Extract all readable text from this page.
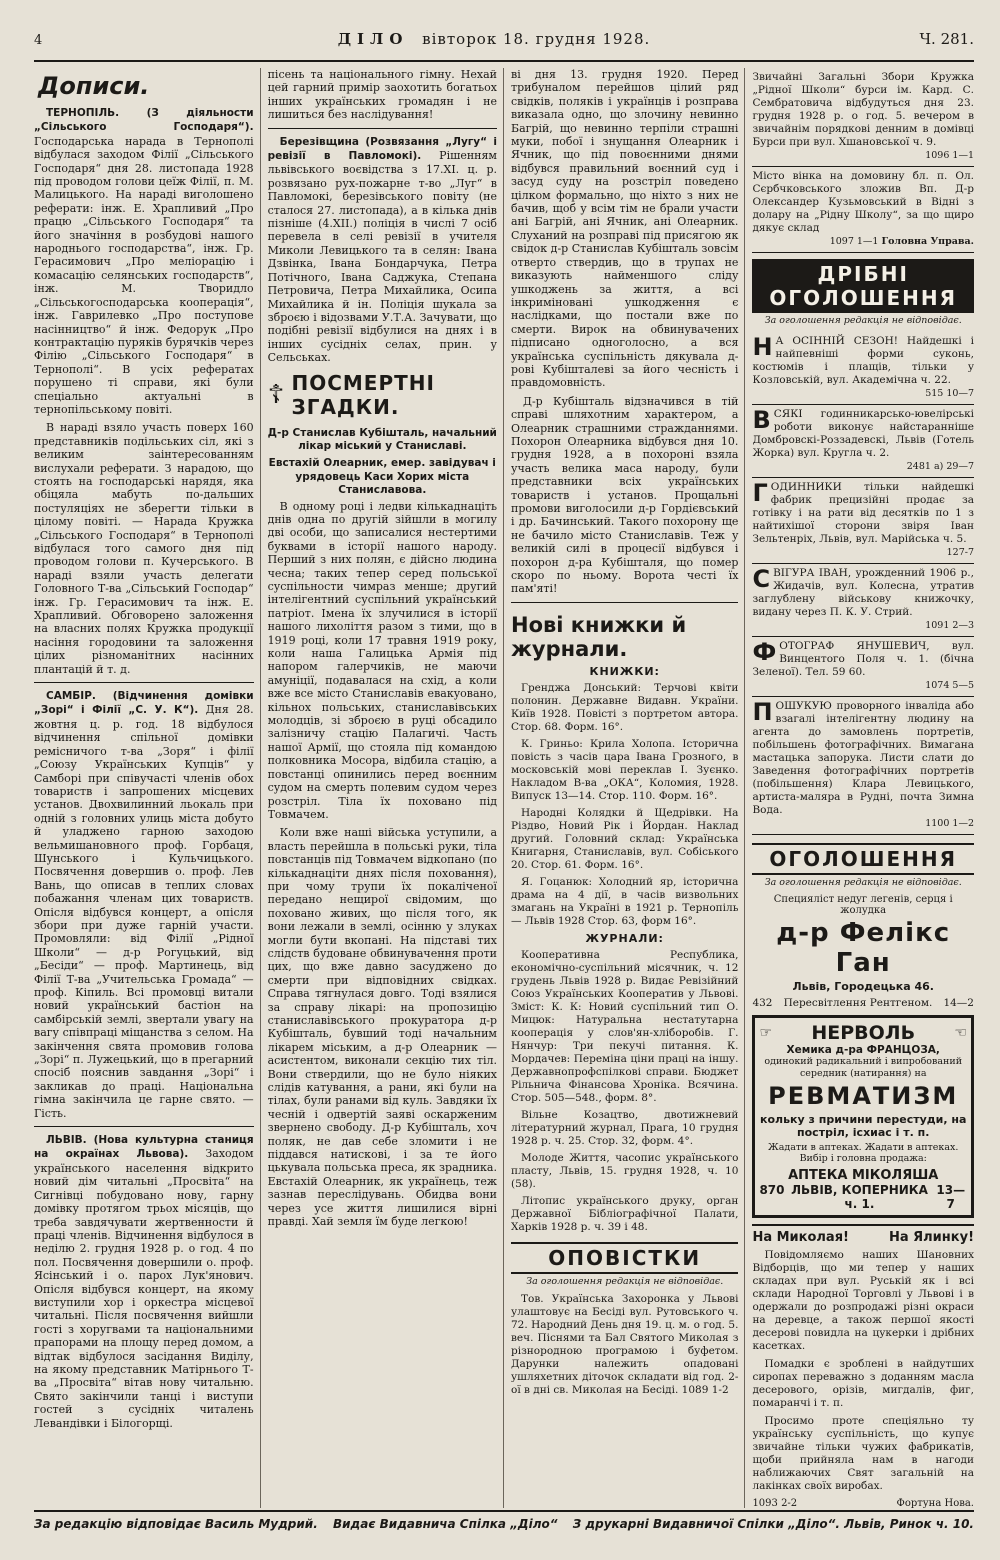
4	ДІЛО вівторок 18. грудня 1928.	Ч. 281.
Дописи.

ТЕРНОПІЛЬ. (З діяльности „Сільського Господаря“). Господарська нарада в Тернополі відбулася заходом Філії „Сільського Господаря“ дня 28. листопада 1928 під проводом голови цеїж Філії, п. М. Малицького. На нараді виголошено реферати: інж. Е. Храпливий „Про працю „Сільського Господаря“ та його значіння в розбудові нашого народнього господарства“, інж. Гр. Герасимович „Про меліорацію і комасацію селянських господарств“, інж. М. Творидло „Сільськогосподарська кооперація“, інж. Гаврилевко „Про поступове насінництво“ й інж. Федорук „Про контрактацію пуряків бурячків через Філію „Сільського Господаря“ в Тернополі“. В усіх рефератах порушено ті справи, які були спеціально актуальні в тернопільському повіті.

В нараді взяло участь поверх 160 представників подільських сіл, які з великим заінтересованням вислухали реферати. З нарадою, що стоять на господарські нарядя, яка обіцяла мабуть по-дальших постуляціях не зберегти тільки в цілому повіті. — Нарада Кружка „Сільського Господаря“ в Тернополі відбулася того самого дня під проводом голови п. Кучерського. В нараді взяли участь делегати Головного Т-ва „Сільський Господар“ інж. Гр. Герасимович та інж. Е. Храпливий. Обговорено заложення на власних полях Кружка продукції насіння городовини та заложення цілих різноманітних насінних плантацій й т. д.

САМБІР. (Відчинення домівки „Зорі“ і Філії „С. У. К“). Дня 28. жовтня ц. р. год. 18 відбулося відчинення спільної домівки ремісничого т-ва „Зоря“ і філії „Союзу Українських Купців“ у Самборі при співучасті членів обох товариств і запрошених місцевих установ. Двохвилинний льокаль при одній з головних улиць міста добуто й уладжено гарною заходою вельмишановного проф. Горбаця, Шунського і Кульчицького. Посвячення довершив о. проф. Лев Вань, що описав в теплих словах побажання членам цих товариств. Опісля відбувся концерт, а опісля збори при дуже гарній участи. Промовляли: від Філії „Рідної Школи“ — д-р Рогуцький, від „Бесіди“ — проф. Мартинець, від Філії Т-ва „Учительська Громада“ — проф. Кіпиль. Всі промовці витали новий український бастіон на самбірській землі, звертали увагу на вагу співпраці міщанства з селом. На закінчення свята промовив голова „Зорі“ п. Лужецький, що в прегарний спосіб пояснив завдання „Зорі“ і закликав до праці. Національна гімна закінчила це гарне свято. — Гість.

ЛЬВІВ. (Нова культурна станиця на окраїнах Львова). Заходом українського населення відкрито новий дім читальні „Просвіта“ на Сигнівці побудовано нову, гарну домівку протягом трьох місяців, що треба завдячувати жертвенности й праці членів. Відчинення відбулося в неділю 2. грудня 1928 р. о год. 4 по пол. Посвячення довершили о. проф. Ясінський і о. парох Лук'янович. Опісля відбувся концерт, на якому виступили хор і оркестра місцевої читальні. Після посвячення вийшли гості з хоругвами та національними прапорами на площу перед домом, а відтак відбулося засідання Виділу, на якому представник Матірнього Т-ва „Просвіта“ вітав нову читальню. Свято закінчили танці і виступи гостей з сусідніх читалень Левандівки і Білогорщі.

пісень та національного гімну. Нехай цей гарний примір заохотить богатьох інших українських громадян і не лишиться без наслідування!

Березівщина (Розвязання „Лугу“ і ревізії в Павломокі). Рішенням львівського воєвідства з 17.XI. ц. р. розвязано рух-пожарне т-во „Луг“ в Павломокі, березівського повіту (не сталося 27. листопада), а в кілька днів пізніше (4.XII.) поліція в числі 7 осіб перевела в селі ревізії в учителя Миколи Левицького та в селян: Івана Дзвінка, Івана Бондарчука, Петра Потічного, Івана Саджука, Степана Петровича, Петра Михайлика, Осипа Михайлика й ін. Поліція шукала за зброєю і відозвами У.Т.А. Зачувати, що подібні ревізії відбулися на днях і в інших сусідніх селах, прин. у Сельськах.

☦ ПОСМЕРТНІ ЗГАДКИ.

Д-р Станислав Кубішталь, начальний лікар міський у Станиславі.

Евстахій Олеарник, емер. завідувач і урядовець Каси Хорих міста Станиславова.

В одному році і ледви кількаднаціть днів одна по другій зійшли в могилу дві особи, що записалися нестертими буквами в історії нашого народу. Перший з них полян, є дійсно людина чесна; таких тепер серед польської суспільности чимраз менше; другий інтелігентний суспільний український патріот. Імена їх злучилися в історії нашого лихоліття разом з тими, що в 1919 році, коли 17 травня 1919 року, коли наша Галицька Армія під напором галерчиків, не маючи амуніції, подавалася на схід, а коли вже все місто Станиславів евакуовано, кільнох польських, станиславівських молодців, зі зброєю в руці обсадило залізничу стацію Палагичі. Часть нашої Армії, що стояла під командою полковника Мосора, відбила стацію, а повстанці опинились перед воєнним судом на смерть полевим судом через розстріл. Тіла їх поховано під Товмачем.

Коли вже наші війська уступили, а власть перейшла в польські руки, тіла повстанців під Товмачем відкопано (по кількаднаціти днях після поховання), при чому трупи їх покаліченої передано нещирої свідомим, що поховано живих, що після того, як вони лежали в землі, осінню у злуках могли бути вкопані. На підставі тих слідств будоване обвинувачення проти цих, що вже давно засуджено до смерти при відповідних свідках. Справа тягнулася довго. Тоді взялися за справу лікарі: на пропозицію станиславівського прокуратора д-р Кубішталь, бувший тоді начальним лікарем міським, а д-р Олеарник — асистентом, виконали секцію тих тіл. Вони ствердили, що не було ніяких слідів катування, а рани, які були на тілах, були ранами від куль. Завдяки їх чесній і одвертій заяві оскарженим звернено свободу. Д-р Кубішталь, хоч поляк, не дав себе зломити і не піддався натискові, і за те його цькувала польська преса, як зрадника. Евстахій Олеарник, як українець, теж зазнав переслідувань. Обидва вони через усе життя лишилися вірні правді. Хай земля їм буде легкою!

ві дня 13. грудня 1920. Перед трибуналом перейшов цілий ряд свідків, поляків і українців і розправа виказала одно, що злочину невинно Багрій, що невинно терпіли страшні муки, побої і знущання Олеарник і Ячник, що під повоєнними днями відбувся правильний воєнний суд і засуд суду на розстріл поведено цілком формально, що ніхто з них не бачив, щоб у всім тім не брали участи ані Багрій, ані Ячник, ані Олеарник. Слуханий на розправі під присягою як свідок д-р Станислав Кубішталь зовсім отверто ствердив, що в трупах не виказують найменшого сліду ушкоджень за життя, а всі інкриміновані ушкодження є наслідками, що постали вже по смерти. Вирок на обвинувачених підписано одноголосно, а вся українська суспільність дякувала д-рові Кубішталеві за його чесність і правдомовність.

Д-р Кубішталь відзначився в тій справі шляхотним характером, а Олеарник страшними стражданнями. Похорон Олеарника відбувся дня 10. грудня 1928, а в похороні взяла участь велика маса народу, були представники всіх українських товариств і установ. Прощальні промови виголосили д-р Гордієвський і др. Бачинський. Такого похорону ще не бачило місто Станиславів. Теж у великій силі в процесії відбувся і похорон д-ра Кубішталя, що помер скоро по ньому. Ворота честі їх пам'яті!

Нові книжки й журнали.
КНИЖКИ:

Гренджа Донський: Терчові квіти полонин. Державне Видавн. України. Київ 1928. Повісті з портретом автора. Стор. 68. Форм. 16°.

К. Гриньо: Крила Холопа. Історична повість з часів цара Івана Грозного, в московській мові переклав І. Зуєнко. Накладом В-ва „ОКА“, Коломия, 1928. Випуск 13—14. Стор. 110. Форм. 16°.

Народні Колядки й Щедрівки. На Різдво, Новий Рік і Йордан. Наклад другий. Головний склад: Українська Книгарня, Станиславів, вул. Собіського 20. Стор. 61. Форм. 16°.

Я. Гоцанюк: Холодний яр, історична драма на 4 дії, в часів визвольних змагань на Україні в 1921 р. Тернопіль — Львів 1928 Стор. 63, форм 16°.

ЖУРНАЛИ:

Кооперативна Республика, економічно-суспільний місячник, ч. 12 грудень Львів 1928 р. Видає Ревізійний Союз Українських Кооператив у Львові. Зміст: К. К: Новий суспільний тип О. Мицюк: Натуральна нестатутарна кооперація у слов'ян-хліборобів. Г. Нянчур: Три пекучі питання. К. Мордачев: Переміна ціни праці на іншу. Державнопрофспілкові справи. Бюджет Рільнича Фінансова Хроніка. Всячина. Стор. 505—548., форм. 8°.

Вільне Козацтво, двотижневий літературний журнал, Прага, 10 грудня 1928 р. ч. 25. Стор. 32, форм. 4°.

Молоде Життя, часопис українського пласту, Львів, 15. грудня 1928, ч. 10 (58).

Літопис українського друку, орган Державної Бібліографічної Палати, Харків 1928 р. ч. 39 і 48.

ОПОВІСТКИ
За оголошення редакція не відповідає.

Тов. Українська Захоронка у Львові улаштовує на Бесіді вул. Рутовського ч. 72. Народний День дня 19. ц. м. о год. 5. веч. Піснями та Бал Святого Миколая з різнородною програмою і буфетом. Дарунки належить опадовані ушляхетних діточок складати від год. 2-ої в дні св. Миколая на Бесіді. 1089 1-2

Звичайні Загальні Збори Кружка „Рідної Школи“ бурси ім. Кард. С. Сембратовича відбудуться дня 23. грудня 1928 р. о год. 5. вечером в звичайнім порядкові денним в домівці Бурси при вул. Хшановської ч. 9.
1096 1—1
Місто вінка на домовину бл. п. Ол. Сєрбчковського зложив Вп. Д-р Олександер Кузьмовський в Відні з долару на „Рідну Школу“, за що щиро дякує склад
1097 1—1 Головна Управа.
ДРІБНІ ОГОЛОШЕННЯ
За оголошення редакція не відповідає.
Н А ОСІННІЙ СЕЗОН! Найдешкі і найпевніші форми суконь, костюмів і плащів, тільки у Козловській, вул. Академічна ч. 22.
515 10—7
В СЯКІ годинникарсько-ювелірські роботи виконує найстаранніше Домбровскі-Роззадевскі, Львів (Готель Жорка) вул. Кругла ч. 2.
2481 а) 29—7
Г ОДИННИКИ тільки найдешкі фабрик прецизійні продає за готівку і на рати від десятків по 1 з найтихішої сторони звіря Іван Зельтенріх, Львів, вул. Марійська ч. 5.
127-7
С ВІГУРА ІВАН, урожденний 1906 р., Жидачів, вул. Колесна, утратив заглублену військову книжочку, видану через П. К. У. Стрий.
1091 2—3
Ф ОТОГРАФ ЯНУШЕВИЧ, вул. Винцентого Поля ч. 1. (бічна Зеленої). Тел. 59 60.
1074 5—5
П ОШУКУЮ проворного інваліда або взагалі інтелігентну людину на агента до замовлень портретів, побільшень фотографічних. Вимагана мастацька запорука. Листи слати до Заведення фотографічних портретів (побільшення) Клара Левицького, артиста-маляра в Рудні, почта Зимна Вода.
1100 1—2
ОГОЛОШЕННЯ
За оголошення редакція не відповідає.
Специяліст недуг легенів, серця і жолудка
д-р Фелікс Ган
Львів, Городецька 46.
432 Пересвітлення Рентгеном. 14—2
☞ НЕРВОЛЬ	☜
Хемика д-ра ФРАНЦОЗА,
одинокий радикальний і випробований середник (натирання) на
РЕВМАТИЗМ
кольку з причини перестуди, на постріл, ісхиас і т. п.
Жадати в аптеках. Жадати в аптеках. Вибір і головна продажа:
АПТЕКА МІКОЛЯША
870 ЛЬВІВ, КОПЕРНИКА ч. 1.
13—7
На Миколая!	На Ялинку!

Повідомляємо наших Шановних Відборців, що ми тепер у наших складах при вул. Руській як і всі склади Народної Торговлі у Львові і в одержали до розпродажі різні окраси на деревце, а також першої якості десерові повидла на цукерки і дрібних касетках.

Помадки є зроблені в найдутших сиропах переважно з доданням масла десерового, орізів, мигдалів, фиг, помаранчі і т. п.

Просимо проте спеціяльно ту українську суспільність, що купує звичайне тільки чужих фабрикатів, щоби прийняла нам в нагоди наближаючих Свят загальній на лакінках своїх виробах.

1093 2-2	Фортуна Нова.

За редакцію відповідає Василь Мудрий. Видає Видавнича Спілка „Діло“ З друкарні Видавничої Спілки „Діло“. Львів, Ринок ч. 10.
